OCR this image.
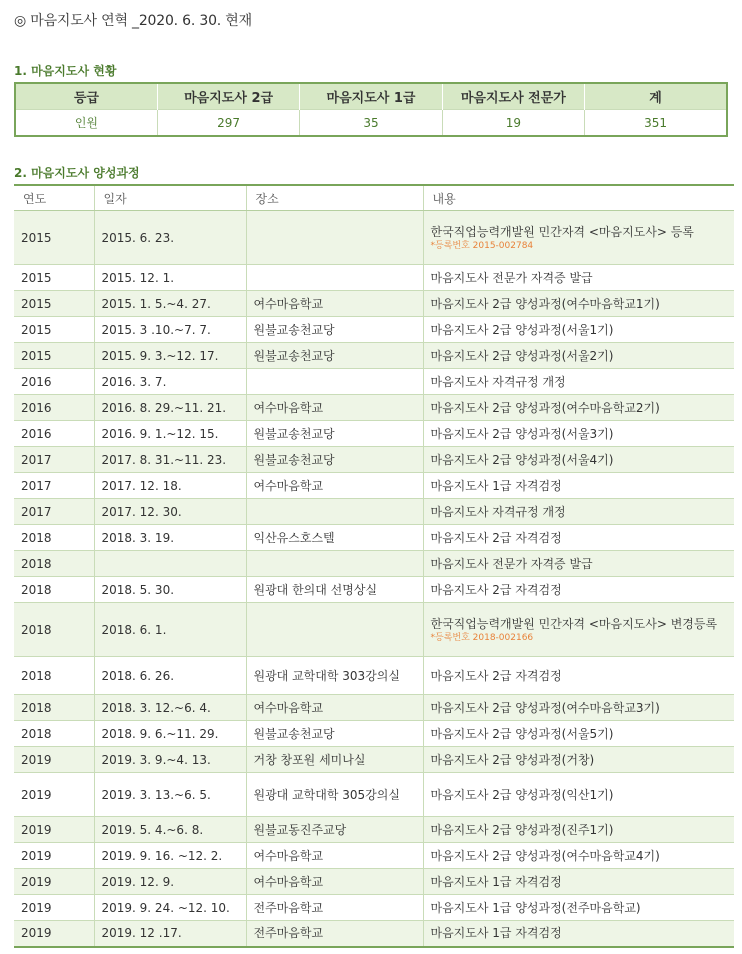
◎ 마음지도사 연혁 _2020. 6. 30. 현재
1. 마음지도사 현황
등급	마음지도사 2급	마음지도사 1급	마음지도사 전문가	계
인원	297	35	19	351
2. 마음지도사 양성과정
연도	일자	장소	내용
2015	2015. 6. 23.		한국직업능력개발원 민간자격 <마음지도사> 등록
*등록번호 2015-002784

2015	2015. 12. 1.		마음지도사 전문가 자격증 발급
2015	2015. 1. 5.~4. 27.	여수마음학교	마음지도사 2급 양성과정(여수마음학교1기)
2015	2015. 3 .10.~7. 7.	원불교송천교당	마음지도사 2급 양성과정(서울1기)
2015	2015. 9. 3.~12. 17.	원불교송천교당	마음지도사 2급 양성과정(서울2기)
2016	2016. 3. 7.		마음지도사 자격규정 개정
2016	2016. 8. 29.~11. 21.	여수마음학교	마음지도사 2급 양성과정(여수마음학교2기)
2016	2016. 9. 1.~12. 15.	원불교송천교당	마음지도사 2급 양성과정(서울3기)
2017	2017. 8. 31.~11. 23.	원불교송천교당	마음지도사 2급 양성과정(서울4기)
2017	2017. 12. 18.	여수마음학교	마음지도사 1급 자격검정
2017	2017. 12. 30.		마음지도사 자격규정 개정
2018	2018. 3. 19.	익산유스호스텔	마음지도사 2급 자격검정
2018			마음지도사 전문가 자격증 발급
2018	2018. 5. 30.	원광대 한의대 선명상실	마음지도사 2급 자격검정
2018	2018. 6. 1.		한국직업능력개발원 민간자격 <마음지도사> 변경등록
*등록번호 2018-002166

2018	2018. 6. 26.	원광대 교학대학 303강의실	마음지도사 2급 자격검정
2018	2018. 3. 12.~6. 4.	여수마음학교	마음지도사 2급 양성과정(여수마음학교3기)
2018	2018. 9. 6.~11. 29.	원불교송천교당	마음지도사 2급 양성과정(서울5기)
2019	2019. 3. 9.~4. 13.	거창 창포원 세미나실	마음지도사 2급 양성과정(거창)
2019	2019. 3. 13.~6. 5.	원광대 교학대학 305강의실	마음지도사 2급 양성과정(익산1기)
2019	2019. 5. 4.~6. 8.	원불교동진주교당	마음지도사 2급 양성과정(진주1기)
2019	2019. 9. 16. ~12. 2.	여수마음학교	마음지도사 2급 양성과정(여수마음학교4기)
2019	2019. 12. 9.	여수마음학교	마음지도사 1급 자격검정
2019	2019. 9. 24. ~12. 10.	전주마음학교	마음지도사 1급 양성과정(전주마음학교)
2019	2019. 12 .17.	전주마음학교	마음지도사 1급 자격검정
